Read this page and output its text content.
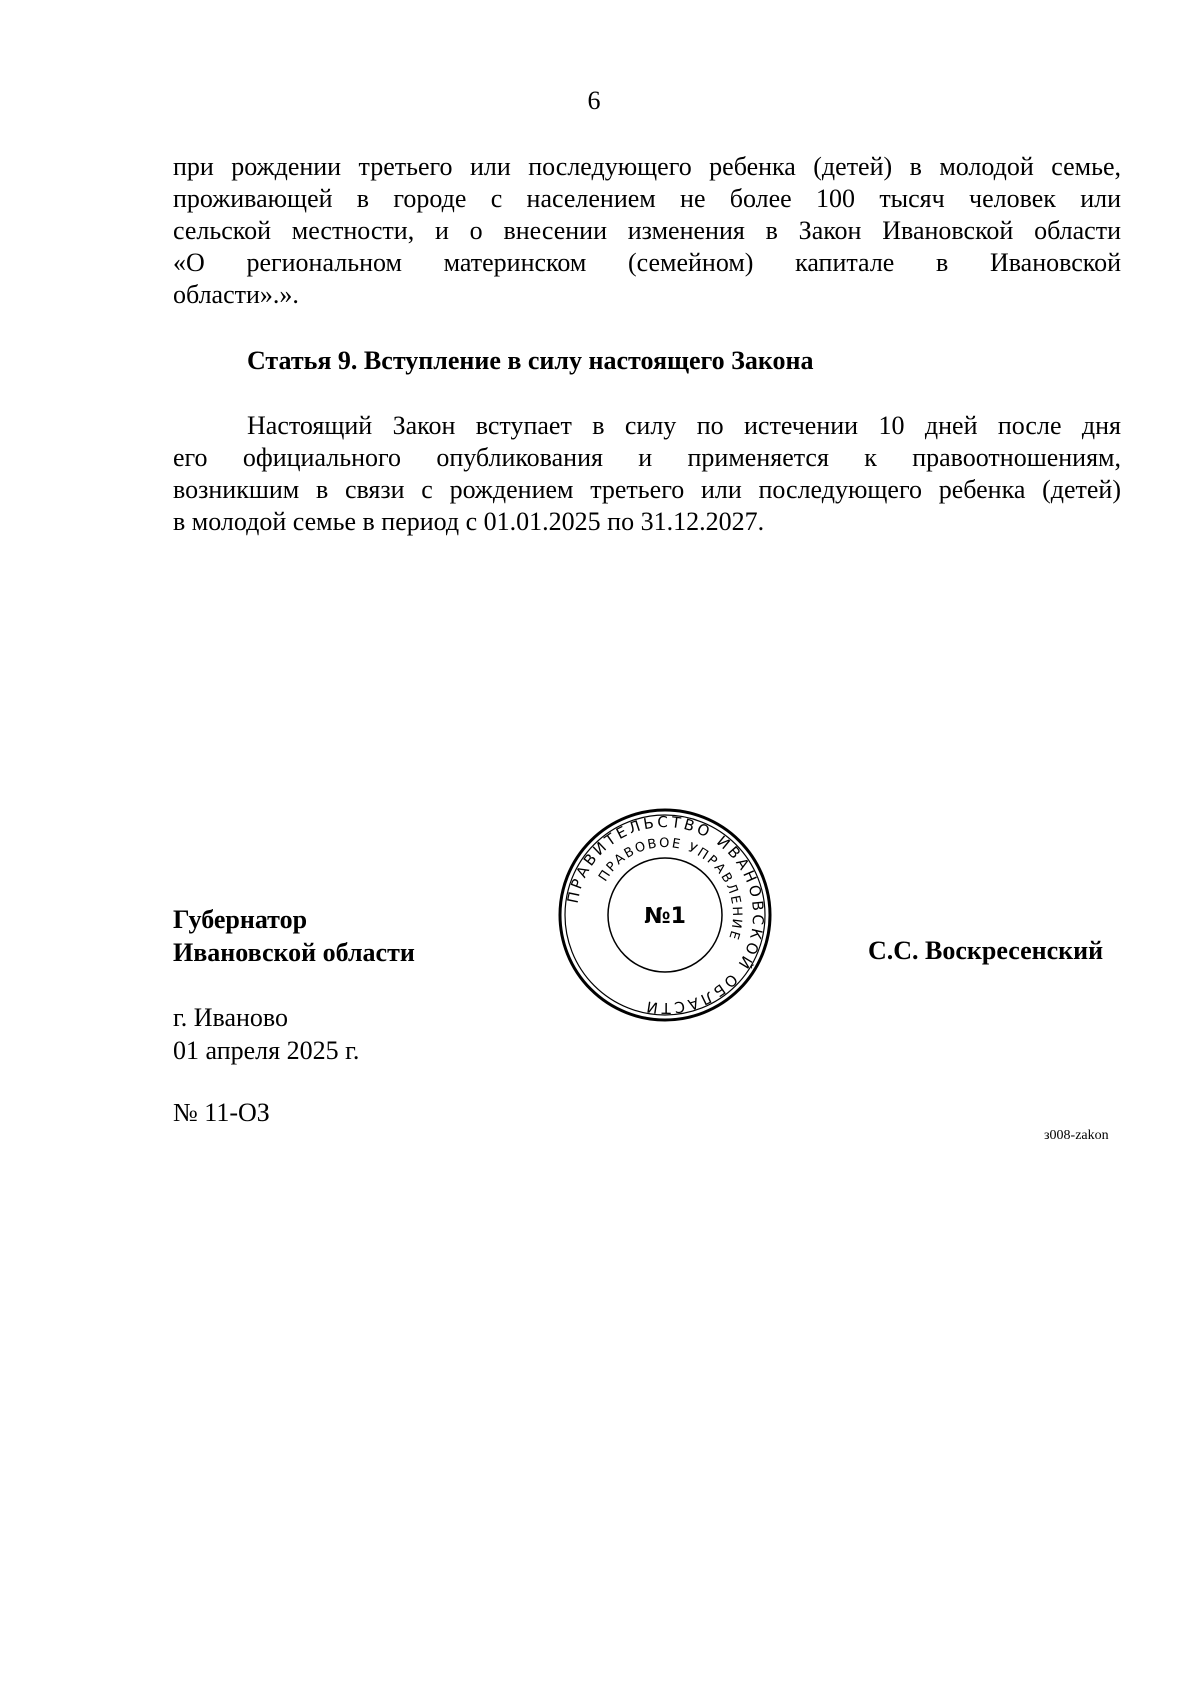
6
при рождении третьего или последующего ребенка (детей) в молодой семье,
проживающей в городе с населением не более 100 тысяч человек или
сельской местности, и о внесении изменения в Закон Ивановской области
«О региональном материнском (семейном) капитале в Ивановской
области».».
Статья 9. Вступление в силу настоящего Закона
Настоящий Закон вступает в силу по истечении 10 дней после дня
его официального опубликования и применяется к правоотношениям,
возникшим в связи с рождением третьего или последующего ребенка (детей)
в молодой семье в период с 01.01.2025 по 31.12.2027.
Губернатор
Ивановской области
ПРАВИТЕЛЬСТВО ИВАНОВСКОЙ ОБЛАСТИ
ПРАВОВОЕ УПРАВЛЕНИЕ
№1
С.С. Воскресенский
г. Иваново
01 апреля 2025 г.
№ 11-ОЗ
з008-zakon
